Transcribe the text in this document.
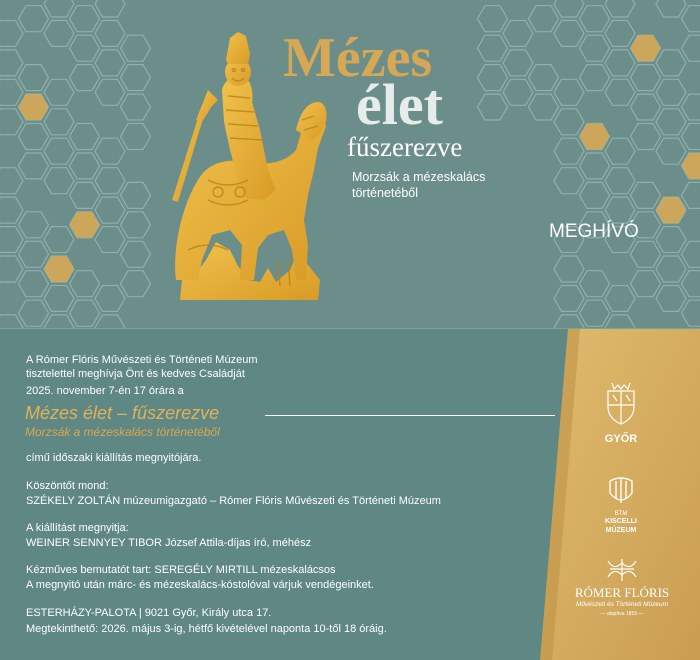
Mézes
élet
fűszerezve
Morzsák a mézeskalács
történetéből
MEGHÍVÓ
A Rómer Flóris Művészeti és Történeti Múzeum
tisztelettel meghívja Önt és kedves Családját
2025. november 7-én 17 órára a
Mézes élet – fűszerezve
Morzsák a mézeskalács történetéből
című időszaki kiállítás megnyitójára.
Köszöntőt mond:
SZÉKELY ZOLTÁN múzeumigazgató – Rómer Flóris Művészeti és Történeti Múzeum
A kiállítást megnyitja:
WEINER SENNYEY TIBOR József Attila-díjas író, méhész
Kézműves bemutatót tart: SEREGÉLY MIRTILL mézeskalácsos
A megnyitó után márc- és mézeskalács-kóstolóval várjuk vendégeinket.
ESTERHÁZY-PALOTA | 9021 Győr, Király utca 17.
Megtekinthető: 2026. május 3-ig, hétfő kivételével naponta 10-től 18 óráig.
GYŐR
BTM
KISCELLI
MÚZEUM
RÓMER FLÓRIS
Művészeti és Történeti Múzeum
— alapítva 1859 —
